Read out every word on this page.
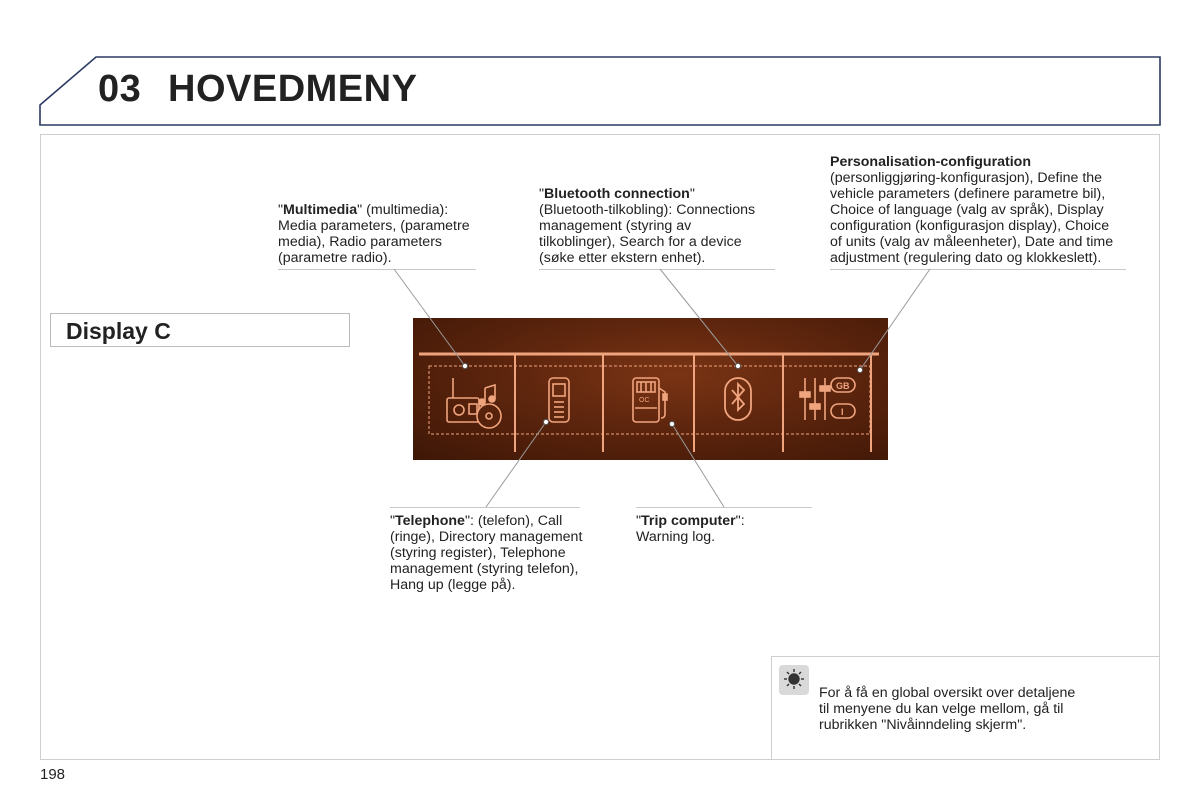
03 HOVEDMENY
Display C
"Multimedia" (multimedia):
Media parameters, (parametre
media), Radio parameters
(parametre radio).
"Bluetooth connection"
(Bluetooth-tilkobling): Connections
management (styring av
tilkoblinger), Search for a device
(søke etter ekstern enhet).
Personalisation-configuration
(personliggjøring-konfigurasjon), Define the
vehicle parameters (definere parametre bil),
Choice of language (valg av språk), Display
configuration (konfigurasjon display), Choice
of units (valg av måleenheter), Date and time
adjustment (regulering dato og klokkeslett).
"Telephone": (telefon), Call
(ringe), Directory management
(styring register), Telephone
management (styring telefon),
Hang up (legge på).
"Trip computer":
Warning log.
OC
GB
I
For å få en global oversikt over detaljene
til menyene du kan velge mellom, gå til
rubrikken "Nivåinndeling skjerm".
198
